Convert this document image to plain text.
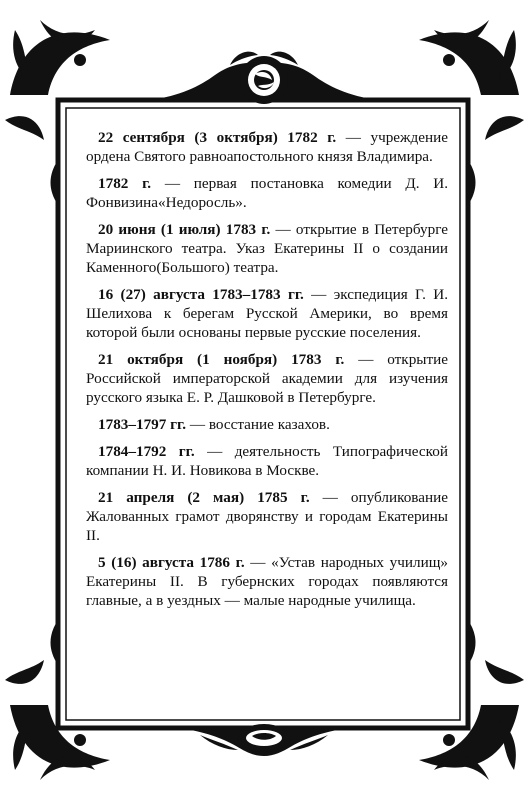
22 сентября (3 октября) 1782 г. — учреждение ордена Святого равноапостольного князя Владимира.

1782 г. — первая постановка комедии Д. И. Фонвизина«Недоросль».

20 июня (1 июля) 1783 г. — открытие в Петербурге Мариинского театра. Указ Екатерины II о создании Каменного(Большого) театра.

16 (27) августа 1783–1783 гг. — экспедиция Г. И. Шелихова к берегам Русской Америки, во время которой были основаны первые русские поселения.

21 октября (1 ноября) 1783 г. — открытие Российской императорской академии для изучения русского языка Е. Р. Дашковой в Петербурге.

1783–1797 гг. — восстание казахов.

1784–1792 гг. — деятельность Типографической компании Н. И. Новикова в Москве.

21 апреля (2 мая) 1785 г. — опубликование Жалованных грамот дворянству и городам Екатерины II.

5 (16) августа 1786 г. — «Устав народных училищ» Екатерины II. В губернских городах появляются главные, а в уездных — малые народные училища.
